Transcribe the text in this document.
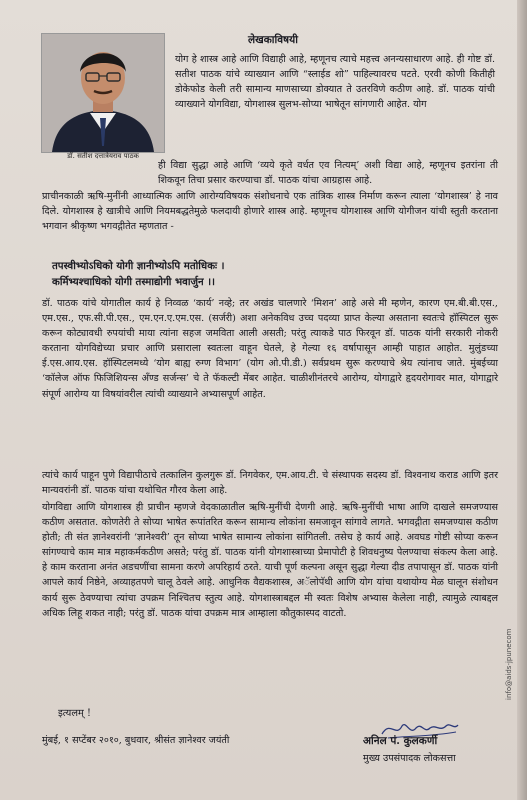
डॉ. सतीश दत्तात्रेयराव पाठक
लेखकाविषयी
योग हे शास्त्र आहे आणि विद्याही आहे, म्हणूनच त्याचे महत्त्व अनन्यसाधारण आहे. ही गोष्ट डॉ. सतीश पाठक यांचे व्याख्यान आणि “स्लाईड शो” पाहिल्यावरच पटते. एरवी कोणी कितीही डोकेफोड केली तरी सामान्य माणसाच्या डोक्यात ते उतरविणे कठीण आहे. डॉ. पाठक यांची व्याख्याने योगविद्या, योगशास्त्र सुलभ-सोप्या भाषेतून सांगणारी आहेत. योग
ही विद्या सुद्धा आहे आणि ‘व्यये कृते वर्धत एव नित्यम्’ अशी विद्या आहे, म्हणूनच इतरांना ती शिकवून तिचा प्रसार करण्याचा डॉ. पाठक यांचा आग्रहास आहे.
प्राचीनकाळी ऋषि-मुनींनी आध्यात्मिक आणि आरोग्यविषयक संशोधनाचे एक तांत्रिक शास्त्र निर्माण करून त्याला ‘योगशास्त्र’ हे नाव दिले. योगशास्त्र हे खात्रीचे आणि नियमबद्धतेमुळे फलदायी होणारे शास्त्र आहे. म्हणूनच योगशास्त्र आणि योगीजन यांची स्तुती करताना भगवान श्रीकृष्ण भगवद्गीतेत म्हणतात -
तपस्वीभ्योऽधिको योगी ज्ञानीभ्योऽपि मतोधिकः ।
कर्मिभ्यश्चाधिको योगी तस्माद्योगी भवार्जुन ।।
डॉ. पाठक यांचे योगातील कार्य हे निव्वळ ‘कार्य’ नव्हे; तर अखंड चालणारे ‘मिशन’ आहे असे मी म्हणेन, कारण एम.बी.बी.एस., एम.एस., एफ.सी.पी.एस., एम.एन.ए.एम.एस. (सर्जरी) अशा अनेकविध उच्च पदव्या प्राप्त केल्या असताना स्वतःचे हॉस्पिटल सुरू करून कोट्यावधी रुपयांची माया त्यांना सहज जमविता आली असती; परंतु त्याकडे पाठ फिरवून डॉ. पाठक यांनी सरकारी नोकरी करताना योगविद्येच्या प्रचार आणि प्रसाराला स्वतःला वाहून घेतले, हे गेल्या १६ वर्षापासून आम्ही पाहात आहोत. मुलुंडच्या ई.एस.आय.एस. हॉस्पिटलमध्ये ‘योग बाह्य रुग्ण विभाग’ (योग ओ.पी.डी.) सर्वप्रथम सुरू करण्याचे श्रेय त्यांनाच जाते. मुंबईच्या ‘कॉलेज ऑफ फिजिशियन्स अँण्ड सर्जन्स’ चे ते फॅकल्टी मेंबर आहेत. चाळीशीनंतरचे आरोग्य, योगाद्वारे हृदयरोगावर मात, योगाद्वारे संपूर्ण आरोग्य या विषयांवरील त्यांची व्याख्याने अभ्यासपूर्ण आहेत.
त्यांचे कार्य पाहून पुणे विद्यापीठाचे तत्कालिन कुलगुरू डॉ. निगवेकर, एम.आय.टी. चे संस्थापक सदस्य डॉ. विश्वनाथ कराड आणि इतर मान्यवरांनी डॉ. पाठक यांचा यथोचित गौरव केला आहे.
योगविद्या आणि योगशास्त्र ही प्राचीन म्हणजे वेदकाळातील ऋषि-मुनींची देणगी आहे. ऋषि-मुनींची भाषा आणि दाखले समजण्यास कठीण असतात. कोणतेरी ते सोप्या भाषेत रूपांतरित करून सामान्य लोकांना समजावून सांगावे लागते. भगवद्गीता समजण्यास कठीण होती; ती संत ज्ञानेश्वरांनी ‘ज्ञानेश्वरी’ तून सोप्या भाषेत सामान्य लोकांना सांगितली. तसेच हे कार्य आहे. अवघड गोष्टी सोप्या करून सांगण्याचे काम मात्र महाकर्मकठीण असते; परंतु डॉ. पाठक यांनी योगशास्त्राच्या प्रेमापोटी हे शिवधनुष्य पेलण्याचा संकल्प केला आहे. हे काम करताना अनंत अडचणींचा सामना करणे अपरिहार्य ठरते. याची पूर्ण कल्पना असून सुद्धा गेल्या दीड तपापासून डॉ. पाठक यांनी आपले कार्य निष्ठेने, अव्याहतपणे चालू ठेवले आहे. आधुनिक वैद्यकशास्त्र, अॅलोपॅथी आणि योग यांचा यथायोग्य मेळ घालून संशोधन कार्य सुरू ठेवण्याचा त्यांचा उपक्रम निश्चितच स्तुत्य आहे. योगशास्त्राबद्दल मी स्वतः विशेष अभ्यास केलेला नाही, त्यामुळे त्याबद्दल अधिक लिहू शकत नाही; परंतु डॉ. पाठक यांचा उपक्रम मात्र आम्हाला कौतुकास्पद वाटतो.
इत्यलम् !
मुंबई, १ सप्टेंबर २०१०, बुधवार, श्रीसंत ज्ञानेश्वर जयंती	अनिल पं. कुलकर्णी
मुख्य उपसंपादक लोकसत्ता
info@aids-jpunecom
